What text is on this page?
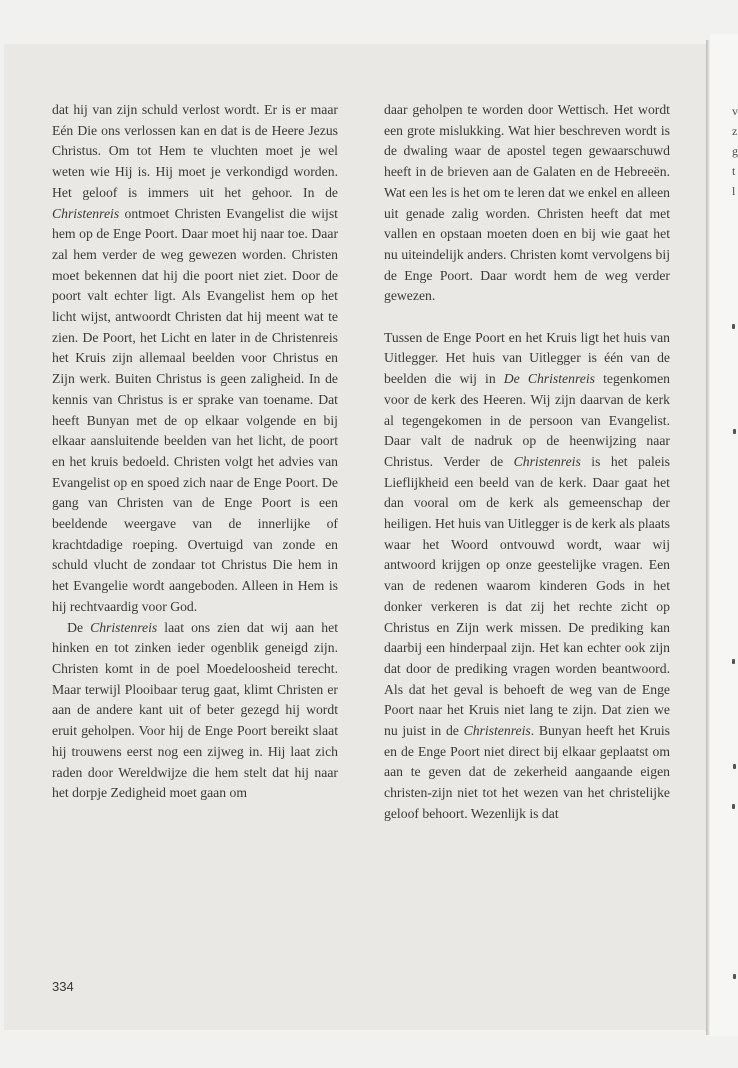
dat hij van zijn schuld verlost wordt. Er is er maar Eén Die ons verlossen kan en dat is de Heere Jezus Christus. Om tot Hem te vluchten moet je wel weten wie Hij is. Hij moet je verkondigd worden. Het geloof is immers uit het gehoor. In de Christenreis ontmoet Christen Evangelist die wijst hem op de Enge Poort. Daar moet hij naar toe. Daar zal hem verder de weg gewezen worden. Christen moet bekennen dat hij die poort niet ziet. Door de poort valt echter ligt. Als Evangelist hem op het licht wijst, antwoordt Christen dat hij meent wat te zien. De Poort, het Licht en later in de Christenreis het Kruis zijn allemaal beelden voor Christus en Zijn werk. Buiten Christus is geen zaligheid. In de kennis van Christus is er sprake van toename. Dat heeft Bunyan met de op elkaar volgende en bij elkaar aansluitende beelden van het licht, de poort en het kruis bedoeld. Christen volgt het advies van Evangelist op en spoed zich naar de Enge Poort. De gang van Christen van de Enge Poort is een beeldende weergave van de innerlijke of krachtdadige roeping. Overtuigd van zonde en schuld vlucht de zondaar tot Christus Die hem in het Evangelie wordt aangeboden. Alleen in Hem is hij rechtvaardig voor God.

De Christenreis laat ons zien dat wij aan het hinken en tot zinken ieder ogenblik geneigd zijn. Christen komt in de poel Moedeloosheid terecht. Maar terwijl Plooibaar terug gaat, klimt Christen er aan de andere kant uit of beter gezegd hij wordt eruit geholpen. Voor hij de Enge Poort bereikt slaat hij trouwens eerst nog een zijweg in. Hij laat zich raden door Wereldwijze die hem stelt dat hij naar het dorpje Zedigheid moet gaan om

daar geholpen te worden door Wettisch. Het wordt een grote mislukking. Wat hier beschreven wordt is de dwaling waar de apostel tegen gewaarschuwd heeft in de brieven aan de Galaten en de Hebreeën. Wat een les is het om te leren dat we enkel en alleen uit genade zalig worden. Christen heeft dat met vallen en opstaan moeten doen en bij wie gaat het nu uiteindelijk anders. Christen komt vervolgens bij de Enge Poort. Daar wordt hem de weg verder gewezen.

Tussen de Enge Poort en het Kruis ligt het huis van Uitlegger. Het huis van Uitlegger is één van de beelden die wij in De Christenreis tegenkomen voor de kerk des Heeren. Wij zijn daarvan de kerk al tegengekomen in de persoon van Evangelist. Daar valt de nadruk op de heenwijzing naar Christus. Verder de Christenreis is het paleis Lieflijkheid een beeld van de kerk. Daar gaat het dan vooral om de kerk als gemeenschap der heiligen. Het huis van Uitlegger is de kerk als plaats waar het Woord ontvouwd wordt, waar wij antwoord krijgen op onze geestelijke vragen. Een van de redenen waarom kinderen Gods in het donker verkeren is dat zij het rechte zicht op Christus en Zijn werk missen. De prediking kan daarbij een hinderpaal zijn. Het kan echter ook zijn dat door de prediking vragen worden beantwoord. Als dat het geval is behoeft de weg van de Enge Poort naar het Kruis niet lang te zijn. Dat zien we nu juist in de Christenreis. Bunyan heeft het Kruis en de Enge Poort niet direct bij elkaar geplaatst om aan te geven dat de zekerheid aangaande eigen christen-zijn niet tot het wezen van het christelijke geloof behoort. Wezenlijk is dat

334
v
z
g
t
l
